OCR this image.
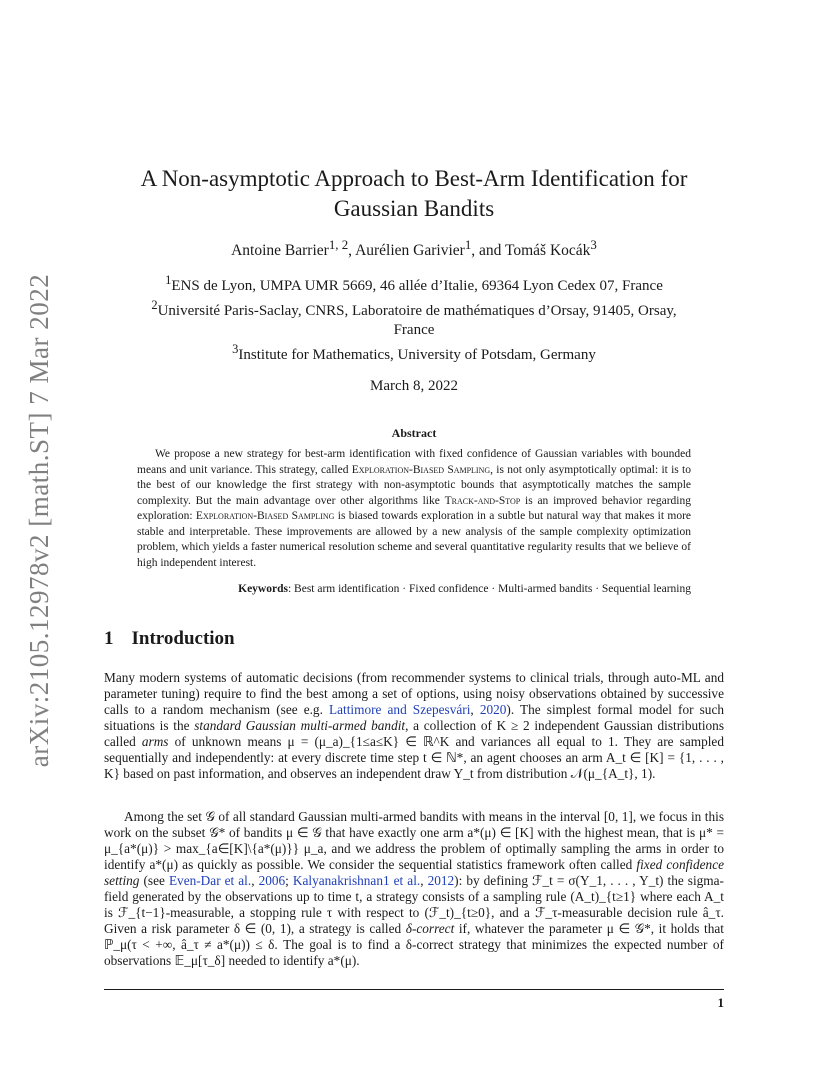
arXiv:2105.12978v2 [math.ST] 7 Mar 2022
A Non-asymptotic Approach to Best-Arm Identification for
Gaussian Bandits
Antoine Barrier$^{1, 2}$, Aurélien Garivier$^1$, and Tomáš Kocák$^3$
$^1$ENS de Lyon, UMPA UMR 5669, 46 allée d’Italie, 69364 Lyon Cedex 07, France
$^2$Université Paris-Saclay, CNRS, Laboratoire de mathématiques d’Orsay, 91405, Orsay,
France
$^3$Institute for Mathematics, University of Potsdam, Germany
March 8, 2022
Abstract
We propose a new strategy for best-arm identification with fixed confidence of Gaussian variables with bounded means and unit variance. This strategy, called Exploration-Biased Sampling, is not only asymptotically optimal: it is to the best of our knowledge the first strategy with non-asymptotic bounds that asymptotically matches the sample complexity. But the main advantage over other algorithms like Track-and-Stop is an improved behavior regarding exploration: Exploration-Biased Sampling is biased towards exploration in a subtle but natural way that makes it more stable and interpretable. These improvements are allowed by a new analysis of the sample complexity optimization problem, which yields a faster numerical resolution scheme and several quantitative regularity results that we believe of high independent interest.
Keywords: Best arm identification · Fixed confidence · Multi-armed bandits · Sequential learning
1 Introduction
Many modern systems of automatic decisions (from recommender systems to clinical trials, through auto-ML and parameter tuning) require to find the best among a set of options, using noisy observations obtained by successive calls to a random mechanism (see e.g. Lattimore and Szepesvári, 2020). The simplest formal model for such situations is the standard Gaussian multi-armed bandit, a collection of K ≥ 2 independent Gaussian distributions called arms of unknown means μ = (μ_a)_{1≤a≤K} ∈ ℝ^K and variances all equal to 1. They are sampled sequentially and independently: at every discrete time step t ∈ ℕ*, an agent chooses an arm A_t ∈ [K] = {1, . . . , K} based on past information, and observes an independent draw Y_t from distribution 𝒩(μ_{A_t}, 1).
Among the set 𝒢 of all standard Gaussian multi-armed bandits with means in the interval [0, 1], we focus in this work on the subset 𝒢* of bandits μ ∈ 𝒢 that have exactly one arm a*(μ) ∈ [K] with the highest mean, that is μ* = μ_{a*(μ)} > max_{a∈[K]\{a*(μ)}} μ_a, and we address the problem of optimally sampling the arms in order to identify a*(μ) as quickly as possible. We consider the sequential statistics framework often called fixed confidence setting (see Even-Dar et al., 2006; Kalyanakrishnan1 et al., 2012): by defining ℱ_t = σ(Y_1, . . . , Y_t) the sigma-field generated by the observations up to time t, a strategy consists of a sampling rule (A_t)_{t≥1} where each A_t is ℱ_{t−1}-measurable, a stopping rule τ with respect to (ℱ_t)_{t≥0}, and a ℱ_τ-measurable decision rule â_τ. Given a risk parameter δ ∈ (0, 1), a strategy is called δ-correct if, whatever the parameter μ ∈ 𝒢*, it holds that ℙ_μ(τ < +∞, â_τ ≠ a*(μ)) ≤ δ. The goal is to find a δ-correct strategy that minimizes the expected number of observations 𝔼_μ[τ_δ] needed to identify a*(μ).
1
